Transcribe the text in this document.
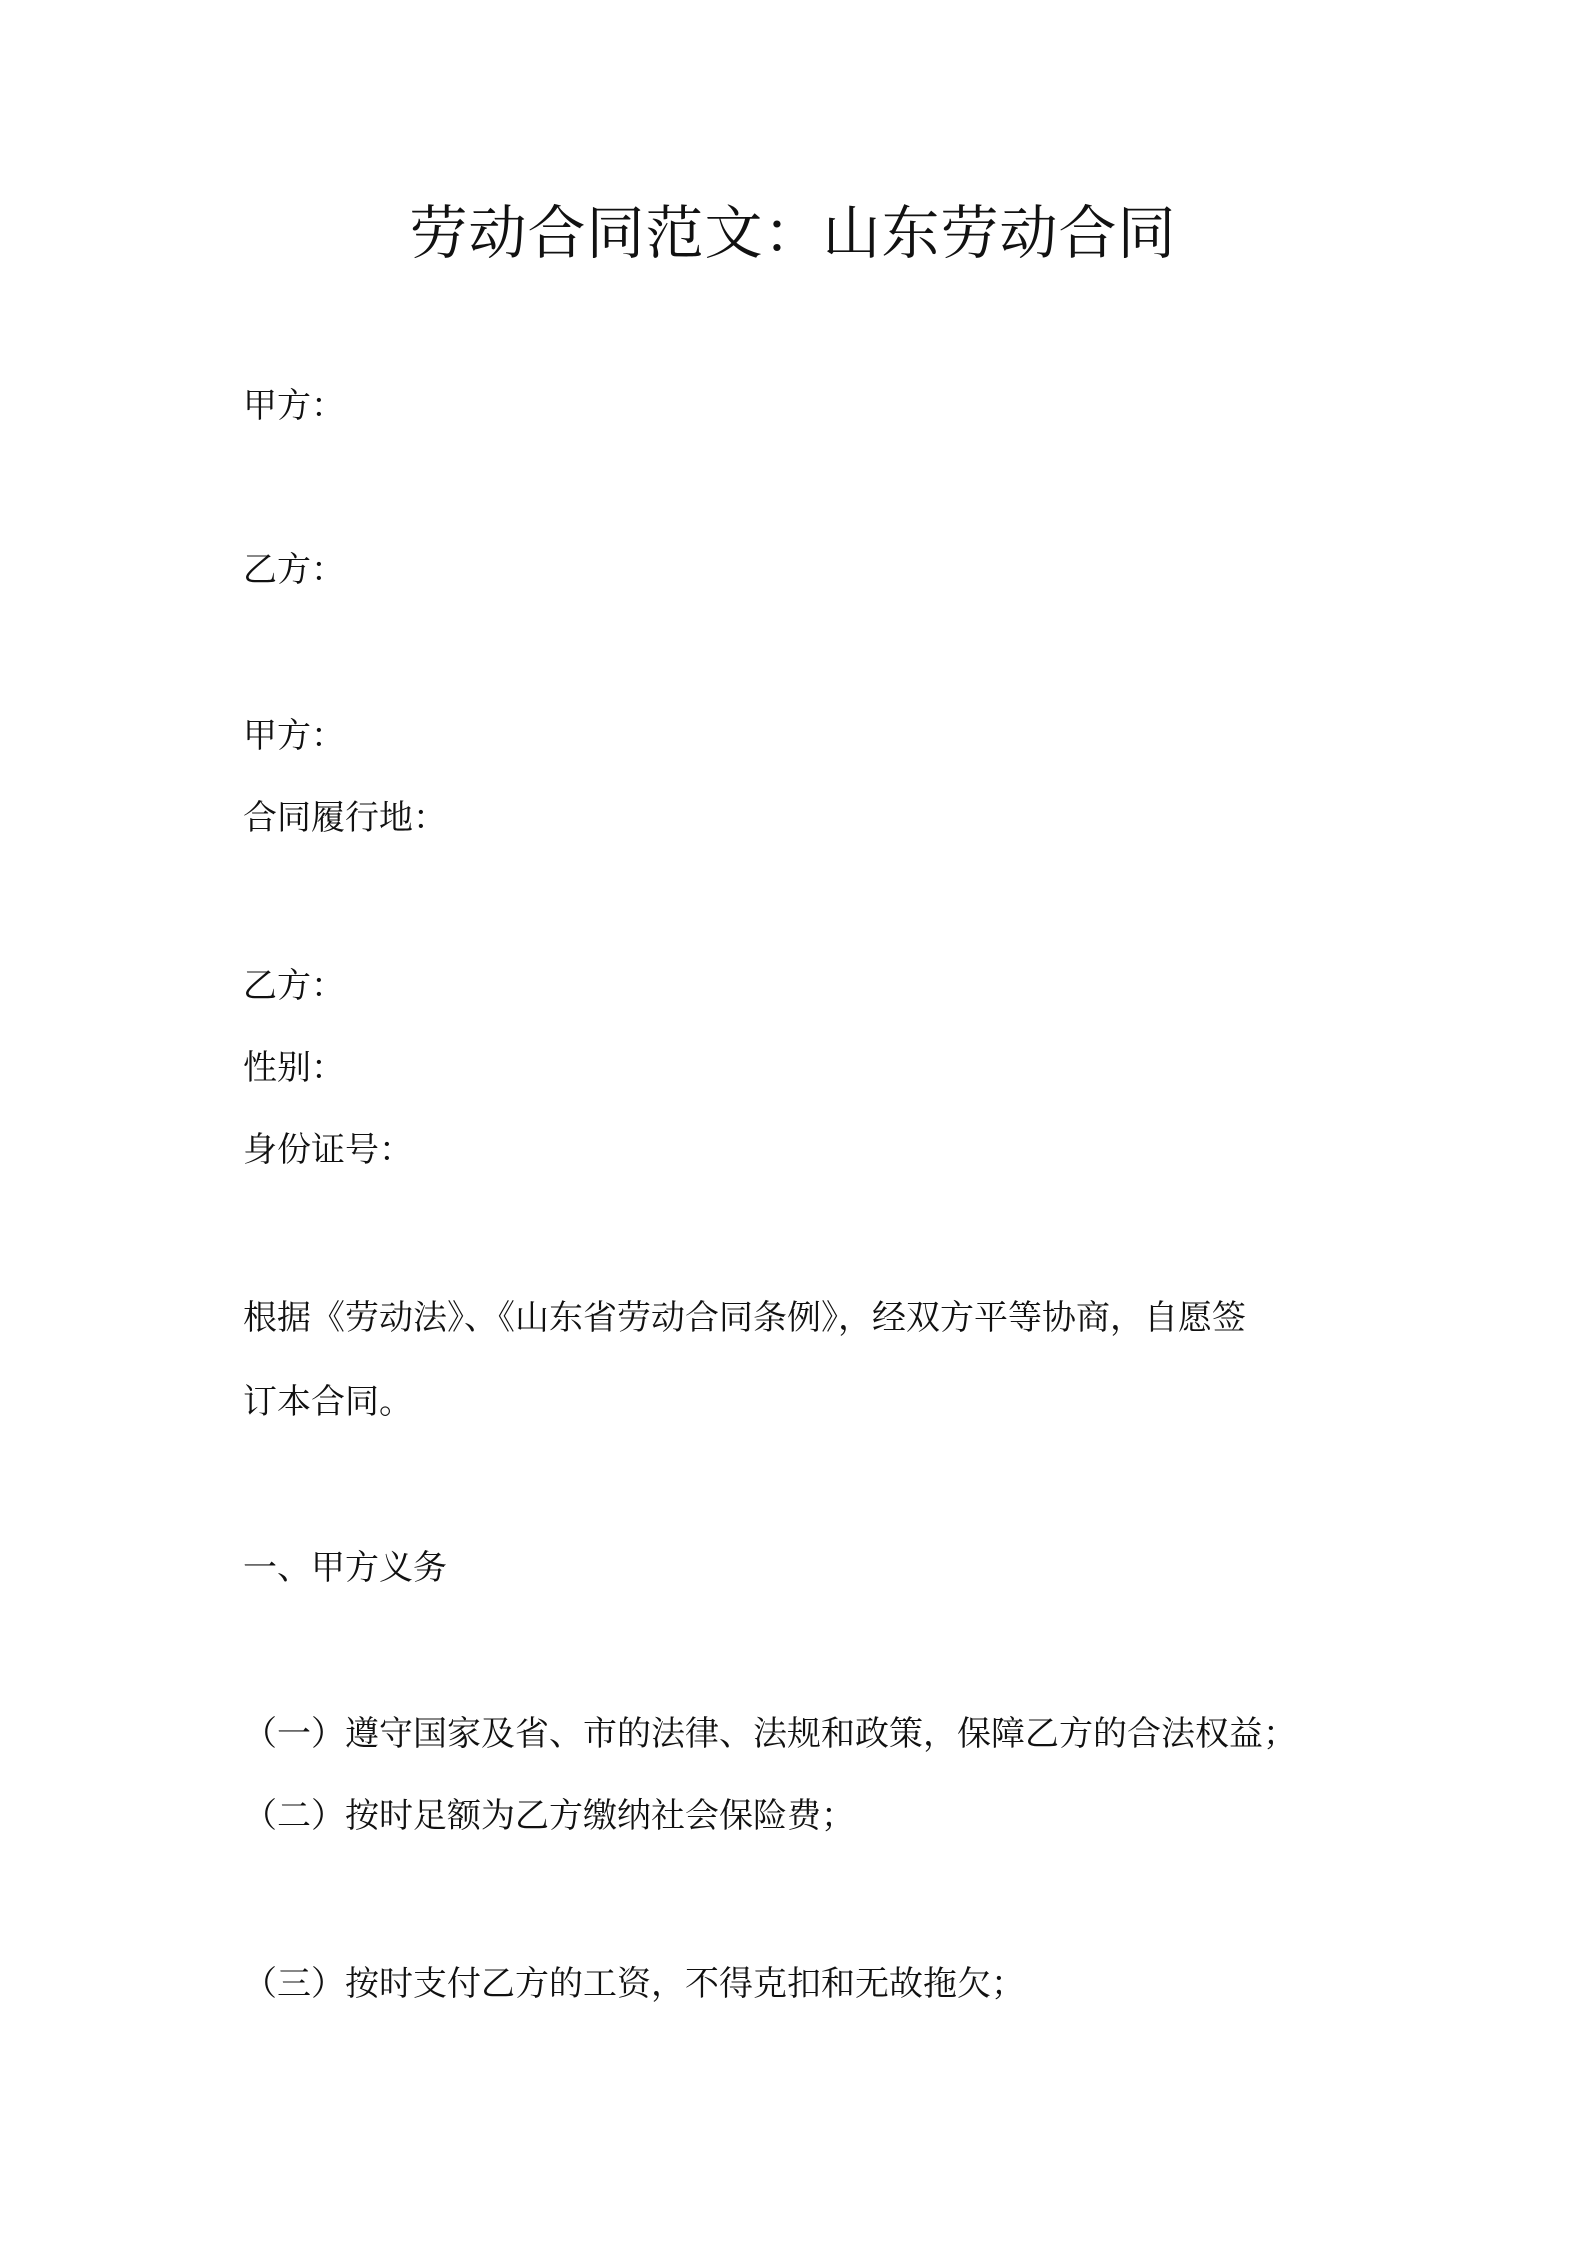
劳动合同范文：山东劳动合同

甲方：

乙方：

甲方：

合同履行地：

乙方：

性别：

身份证号：

根据《劳动法》、《山东省劳动合同条例》，经双方平等协商，自愿签

订本合同。

一、甲方义务

（一）遵守国家及省、市的法律、法规和政策，保障乙方的合法权益；

（二）按时足额为乙方缴纳社会保险费；

（三）按时支付乙方的工资，不得克扣和无故拖欠；
